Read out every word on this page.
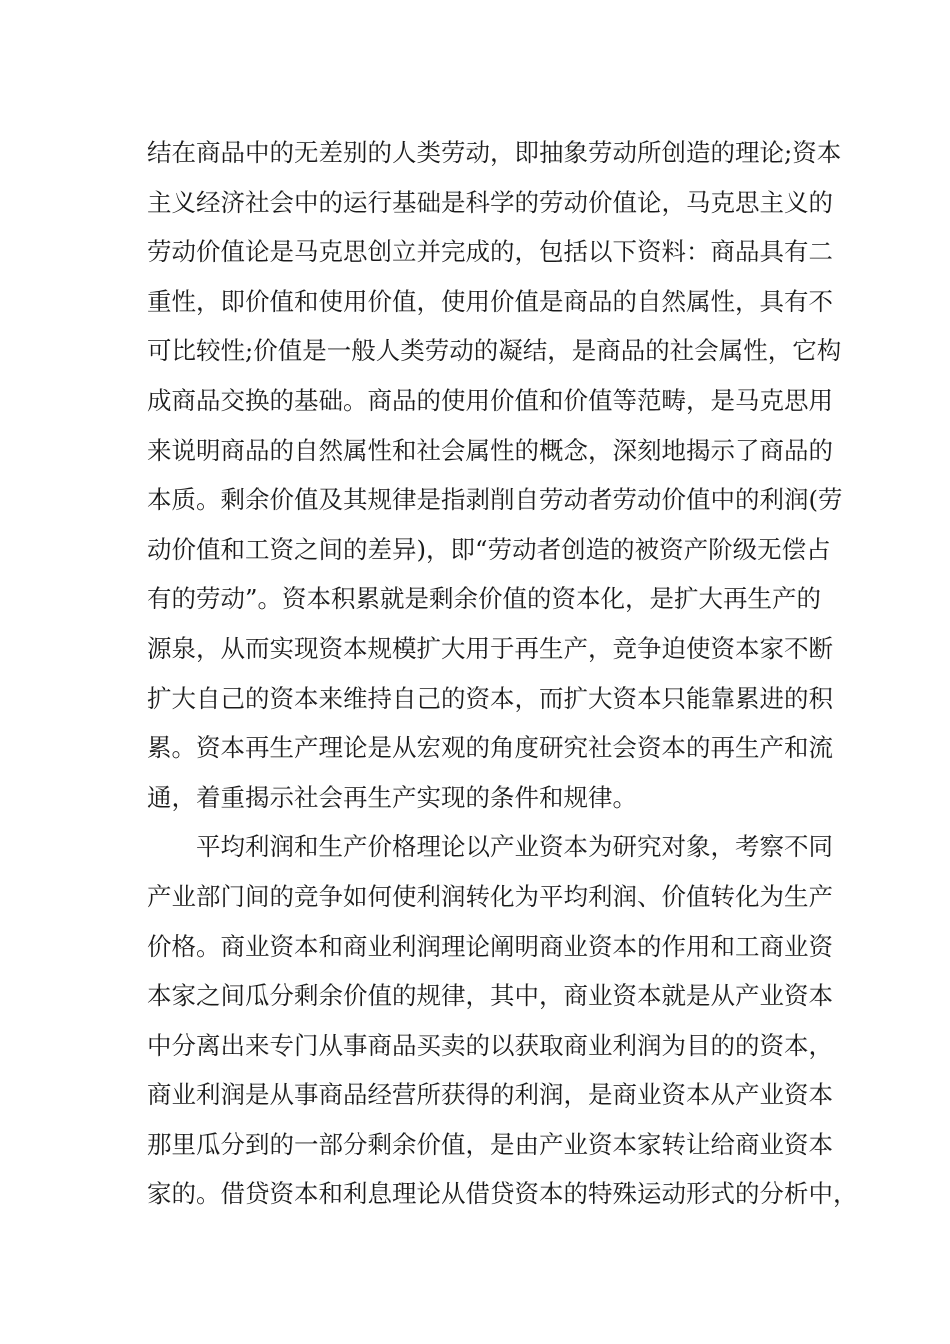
结在商品中的无差别的人类劳动，即抽象劳动所创造的理论;资本
主义经济社会中的运行基础是科学的劳动价值论，马克思主义的
劳动价值论是马克思创立并完成的，包括以下资料：商品具有二
重性，即价值和使用价值，使用价值是商品的自然属性，具有不
可比较性;价值是一般人类劳动的凝结，是商品的社会属性，它构
成商品交换的基础。商品的使用价值和价值等范畴，是马克思用
来说明商品的自然属性和社会属性的概念，深刻地揭示了商品的
本质。剩余价值及其规律是指剥削自劳动者劳动价值中的利润(劳
动价值和工资之间的差异)，即“劳动者创造的被资产阶级无偿占
有的劳动”。资本积累就是剩余价值的资本化，是扩大再生产的
源泉，从而实现资本规模扩大用于再生产，竞争迫使资本家不断
扩大自己的资本来维持自己的资本，而扩大资本只能靠累进的积
累。资本再生产理论是从宏观的角度研究社会资本的再生产和流
通，着重揭示社会再生产实现的条件和规律。
平均利润和生产价格理论以产业资本为研究对象，考察不同
产业部门间的竞争如何使利润转化为平均利润、价值转化为生产
价格。商业资本和商业利润理论阐明商业资本的作用和工商业资
本家之间瓜分剩余价值的规律，其中，商业资本就是从产业资本
中分离出来专门从事商品买卖的以获取商业利润为目的的资本，
商业利润是从事商品经营所获得的利润，是商业资本从产业资本
那里瓜分到的一部分剩余价值，是由产业资本家转让给商业资本
家的。借贷资本和利息理论从借贷资本的特殊运动形式的分析中，
